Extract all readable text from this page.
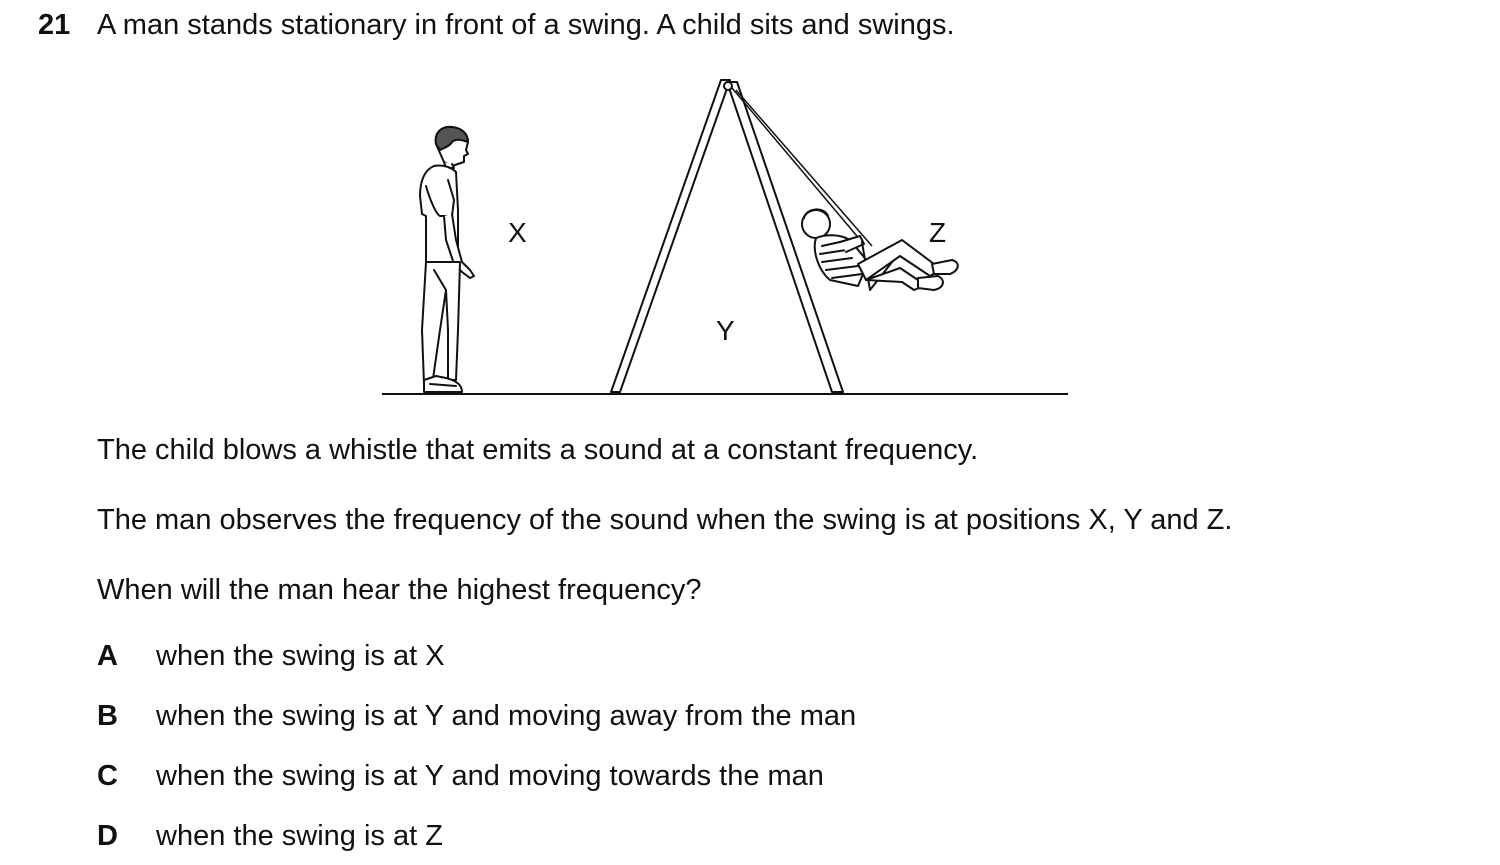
21 A man stands stationary in front of a swing. A child sits and swings.
X
Y
Z
The child blows a whistle that emits a sound at a constant frequency.
The man observes the frequency of the sound when the swing is at positions X, Y and Z.
When will the man hear the highest frequency?
A when the swing is at X
B when the swing is at Y and moving away from the man
C when the swing is at Y and moving towards the man
D when the swing is at Z
